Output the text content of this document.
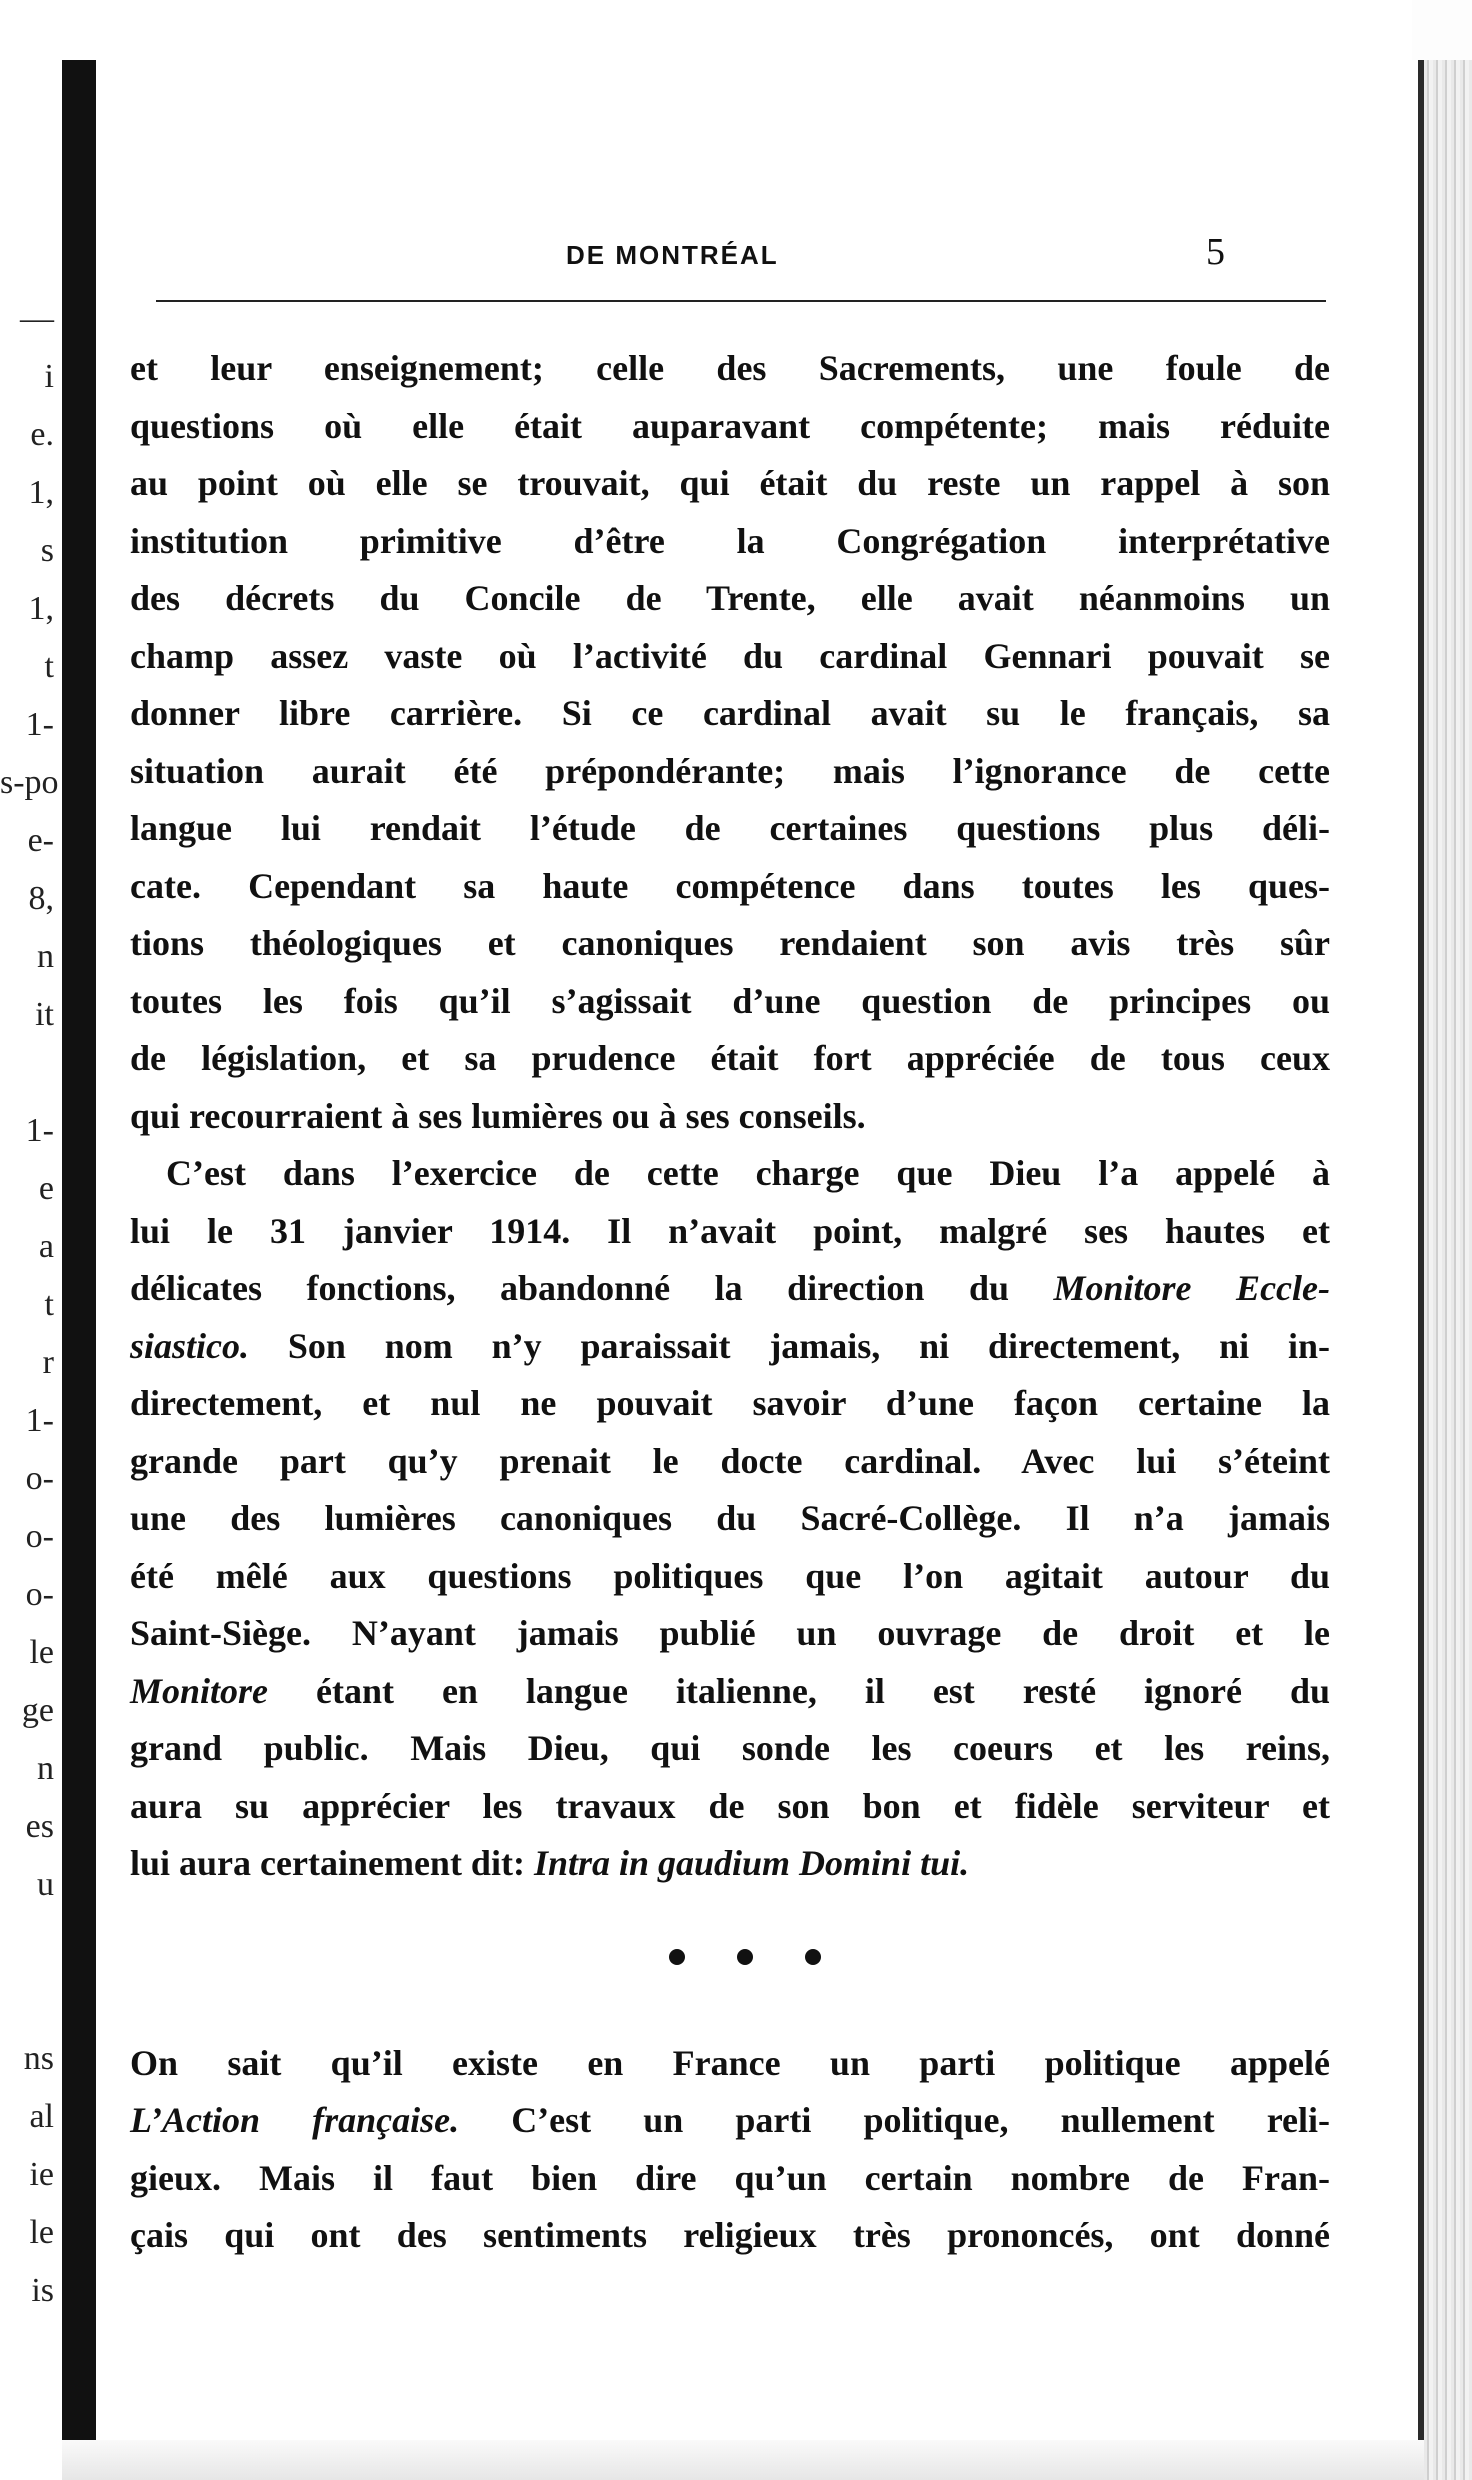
—
i
e.
1,
s
1,
t
1-
s-po
e-
8,
n
it
1-
e
a
t
r
1-
o-
o-
o-
le
ge
n
es
u
ns
al
ie
le
is
DE MONTRÉAL	5
et leur enseignement; celle des Sacrements, une foule de
questions où elle était auparavant compétente; mais réduite
au point où elle se trouvait, qui était du reste un rappel à son
institution primitive d’être la Congrégation interprétative
des décrets du Concile de Trente, elle avait néanmoins un
champ assez vaste où l’activité du cardinal Gennari pouvait se
donner libre carrière. Si ce cardinal avait su le français, sa
situation aurait été prépondérante; mais l’ignorance de cette
langue lui rendait l’étude de certaines questions plus déli-
cate. Cependant sa haute compétence dans toutes les ques-
tions théologiques et canoniques rendaient son avis très sûr
toutes les fois qu’il s’agissait d’une question de principes ou
de législation, et sa prudence était fort appréciée de tous ceux
qui recourraient à ses lumières ou à ses conseils.
C’est dans l’exercice de cette charge que Dieu l’a appelé à
lui le 31 janvier 1914. Il n’avait point, malgré ses hautes et
délicates fonctions, abandonné la direction du Monitore Eccle-
siastico. Son nom n’y paraissait jamais, ni directement, ni in-
directement, et nul ne pouvait savoir d’une façon certaine la
grande part qu’y prenait le docte cardinal. Avec lui s’éteint
une des lumières canoniques du Sacré-Collège. Il n’a jamais
été mêlé aux questions politiques que l’on agitait autour du
Saint-Siège. N’ayant jamais publié un ouvrage de droit et le
Monitore étant en langue italienne, il est resté ignoré du
grand public. Mais Dieu, qui sonde les coeurs et les reins,
aura su apprécier les travaux de son bon et fidèle serviteur et
lui aura certainement dit: Intra in gaudium Domini tui.
On sait qu’il existe en France un parti politique appelé
L’Action française. C’est un parti politique, nullement reli-
gieux. Mais il faut bien dire qu’un certain nombre de Fran-
çais qui ont des sentiments religieux très prononcés, ont donné
